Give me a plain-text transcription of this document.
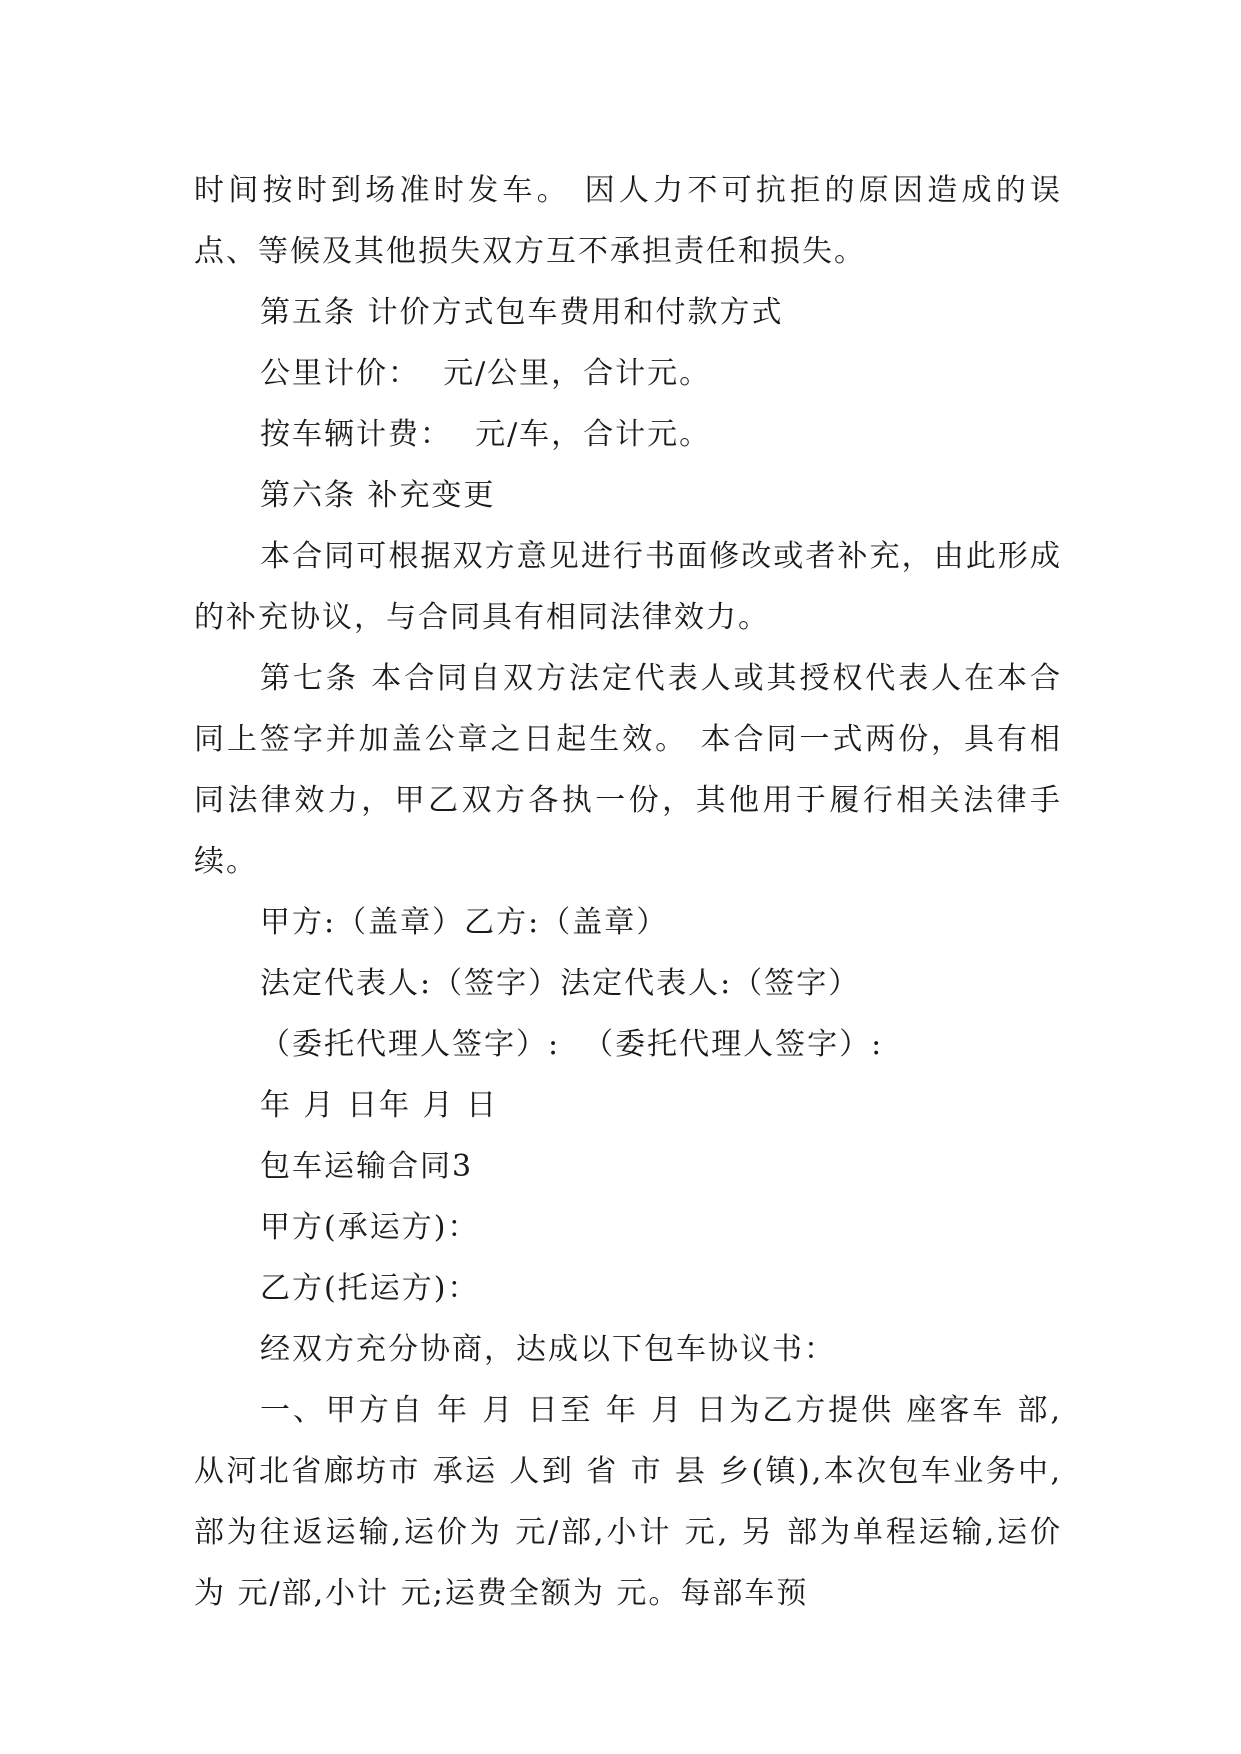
时间按时到场准时发车。 因人力不可抗拒的原因造成的误点、等候及其他损失双方互不承担责任和损失。

第五条 计价方式包车费用和付款方式

公里计价：  元/公里，合计元。

按车辆计费：  元/车，合计元。

第六条 补充变更

本合同可根据双方意见进行书面修改或者补充，由此形成的补充协议，与合同具有相同法律效力。

第七条 本合同自双方法定代表人或其授权代表人在本合同上签字并加盖公章之日起生效。 本合同一式两份，具有相同法律效力，甲乙双方各执一份，其他用于履行相关法律手续。

甲方:（盖章）乙方:（盖章）

法定代表人:（签字）法定代表人:（签字）

（委托代理人签字）:  （委托代理人签字）:

年 月 日年 月 日

包车运输合同3

甲方(承运方)：

乙方(托运方)：

经双方充分协商，达成以下包车协议书：

一、甲方自 年 月 日至 年 月 日为乙方提供 座客车 部,从河北省廊坊市 承运 人到 省 市 县 乡(镇),本次包车业务中, 部为往返运输,运价为 元/部,小计 元, 另 部为单程运输,运价为 元/部,小计 元;运费全额为 元。每部车预
